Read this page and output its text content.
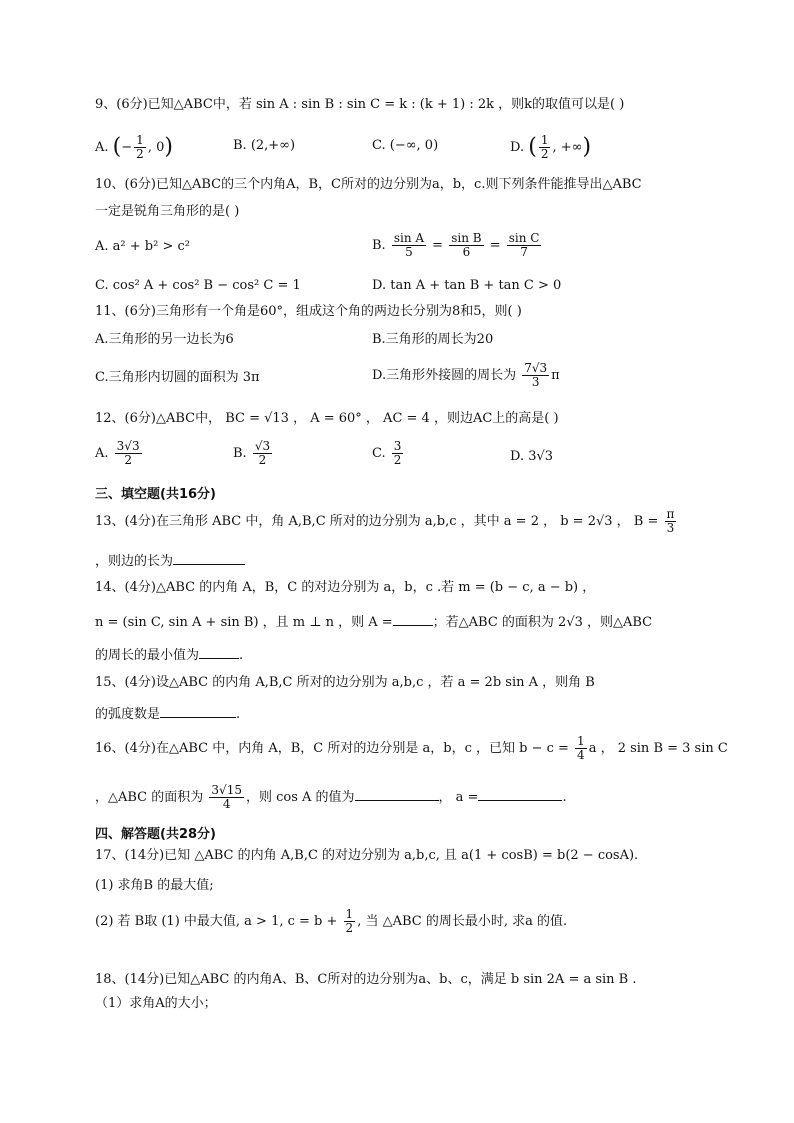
9、(6分)已知△ABC中，若 sin A : sin B : sin C = k : (k + 1) : 2k ，则k的取值可以是( )
A. (− $\frac{1}{2}$ , 0)	B. (2,+∞)	C. (−∞, 0)	D. ( $\frac{1}{2}$ , +∞)
10、(6分)已知△ABC的三个内角A，B，C所对的边分别为a，b，c.则下列条件能推导出△ABC
一定是锐角三角形的是( )
A. a² + b² > c²	B. $\frac{\text{sin A}}{5} = \frac{\text{sin B}}{6} = \frac{\text{sin C}}{7}$
C. cos² A + cos² B − cos² C = 1	D. tan A + tan B + tan C > 0
11、(6分)三角形有一个角是60°，组成这个角的两边长分别为8和5，则( )
A.三角形的另一边长为6	B.三角形的周长为20
C.三角形内切圆的面积为 3π	D.三角形外接圆的周长为 $\frac{7√3}{3}$ π
12、(6分)△ABC中， BC = √13 ， A = 60° ， AC = 4 ，则边AC上的高是( )
A. $\frac{3√3}{2}$	B. $\frac{√3}{2}$	C. $\frac{3}{2}$	D. 3√3
三、填空题(共16分)
13、(4分)在三角形 ABC 中，角 A,B,C 所对的边分别为 a,b,c ，其中 a = 2 ， b = 2√3 ， $B = \frac{\pi}{3}$
，则边的长为
14、(4分)△ABC 的内角 A，B，C 的对边分别为 a，b，c .若 m = (b − c, a − b) ，
n = (sin C, sin A + sin B) ，且 m ⊥ n ，则 A =	；若△ABC 的面积为 2√3 ，则△ABC
的周长的最小值为	.
15、(4分)设△ABC 的内角 A,B,C 所对的边分别为 a,b,c ，若 a = 2b sin A ，则角 B
的弧度数是	.
16、(4分)在△ABC 中，内角 A，B，C 所对的边分别是 a，b，c ，已知 $b - c = \frac{1}{4}$ a ， 2 sin B = 3 sin C
，△ABC 的面积为 $\frac{3√15}{4}$ ，则 cos A 的值为	， a =	.
四、解答题(共28分)
17、(14分)已知 △ABC 的内角 A,B,C 的对边分别为 a,b,c, 且 a(1 + cosB) = b(2 − cosA).
(1) 求角B 的最大值;
(2) 若 B取 (1) 中最大值, a > 1, $c = b + \frac{1}{2}$ , 当 △ABC 的周长最小时, 求a 的值.
18、(14分)已知△ABC 的内角A、B、C所对的边分别为a、b、c，满足 b sin 2A = a sin B .
（1）求角A的大小；
